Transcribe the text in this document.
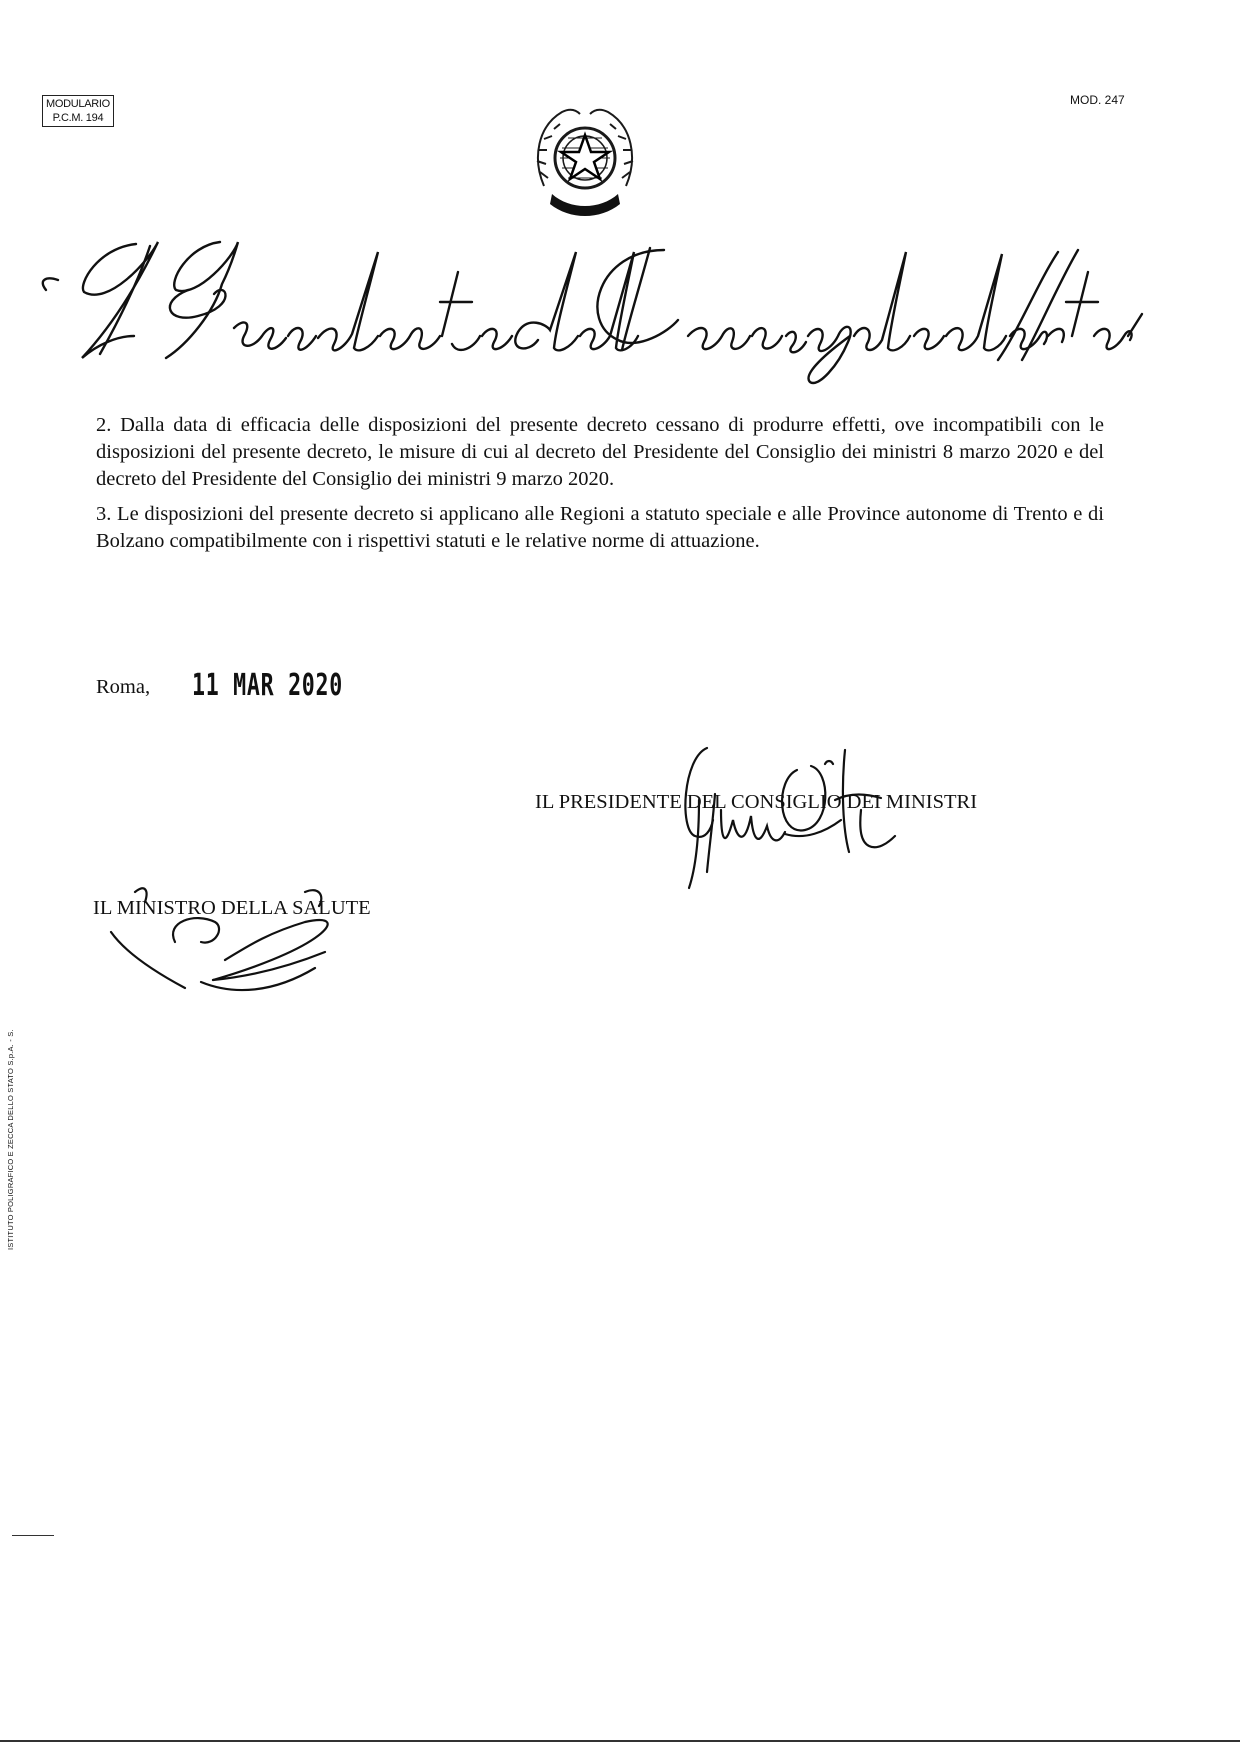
MODULARIO
P.C.M. 194
MOD. 247

2. Dalla data di efficacia delle disposizioni del presente decreto cessano di produrre effetti, ove incompatibili con le disposizioni del presente decreto, le misure di cui al decreto del Presidente del Consiglio dei ministri 8 marzo 2020 e del decreto del Presidente del Consiglio dei ministri 9 marzo 2020.

3. Le disposizioni del presente decreto si applicano alle Regioni a statuto speciale e alle Province autonome di Trento e di Bolzano compatibilmente con i rispettivi statuti e le relative norme di attuazione.

Roma, 11 MAR 2020
IL PRESIDENTE DEL CONSIGLIO DEI MINISTRI
IL MINISTRO DELLA SALUTE
ISTITUTO POLIGRAFICO E ZECCA DELLO STATO S.p.A. - S.
